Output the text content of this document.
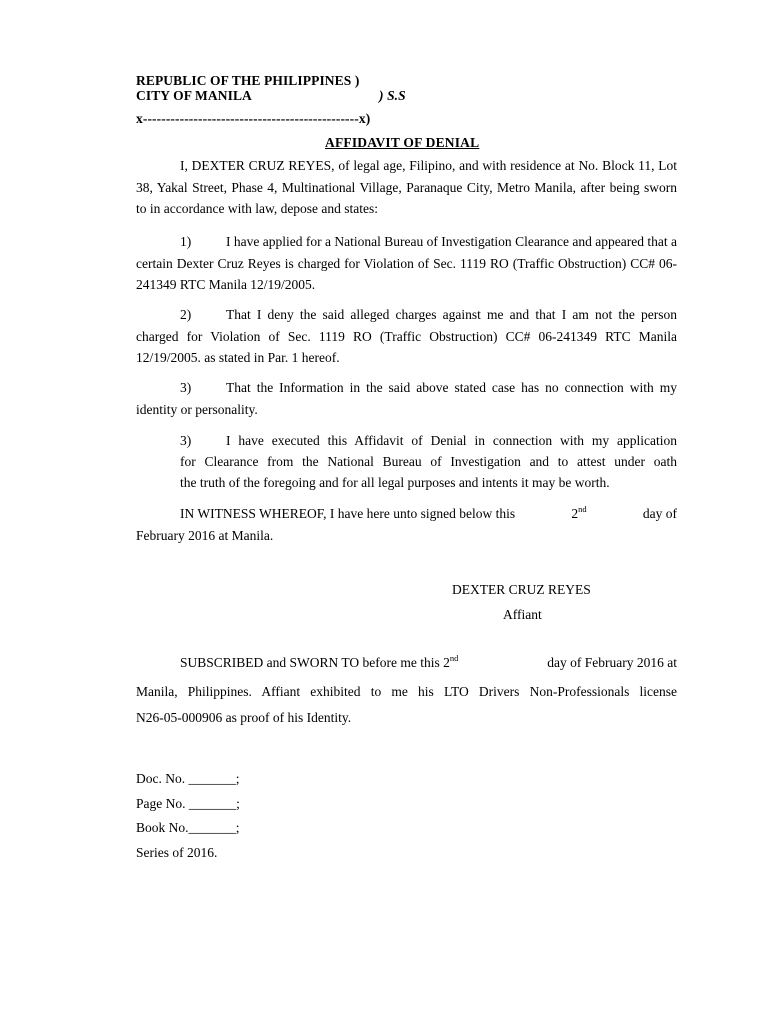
REPUBLIC OF THE PHILIPPINES )
CITY OF MANILA	) S.S
x-----------------------------------------------x)
AFFIDAVIT OF DENIAL
I, DEXTER CRUZ REYES, of legal age, Filipino, and with residence at No. Block 11, Lot 38, Yakal Street, Phase 4, Multinational Village, Paranaque City, Metro Manila, after being sworn to in accordance with law, depose and states:
1)	I have applied for a National Bureau of Investigation Clearance and appeared that a certain Dexter Cruz Reyes is charged for Violation of Sec. 1119 RO (Traffic Obstruction) CC# 06-241349 RTC Manila 12/19/2005.
2)	That I deny the said alleged charges against me and that I am not the person charged for Violation of Sec. 1119 RO (Traffic Obstruction) CC# 06-241349 RTC Manila 12/19/2005. as stated in Par. 1 hereof.
3)	That the Information in the said above stated case has no connection with my identity or personality.
3)	I have executed this Affidavit of Denial in connection with my application
for Clearance from the National Bureau of Investigation and to attest under oath
the truth of the foregoing and for all legal purposes and intents it may be worth.
IN WITNESS WHEREOF, I have here unto signed below this	2nd	day of
February 2016 at Manila.
DEXTER CRUZ REYES
Affiant
SUBSCRIBED and SWORN TO before me this 2nd	day of February 2016 at
Manila, Philippines. Affiant exhibited to me his LTO Drivers Non-Professionals license
N26-05-000906 as proof of his Identity.
Doc. No. _______;
Page No. _______;
Book No._______;
Series of 2016.
